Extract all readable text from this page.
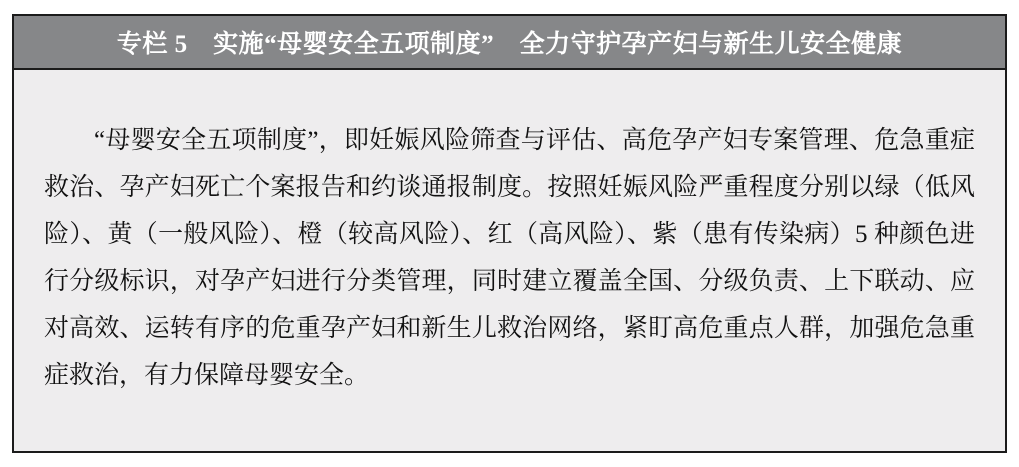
专栏 5　实施“母婴安全五项制度”　全力守护孕产妇与新生儿安全健康

“母婴安全五项制度”，即妊娠风险筛查与评估、高危孕产妇专案管理、危急重症救治、孕产妇死亡个案报告和约谈通报制度。按照妊娠风险严重程度分别以绿（低风险）、黄（一般风险）、橙（较高风险）、红（高风险）、紫（患有传染病）5 种颜色进行分级标识，对孕产妇进行分类管理，同时建立覆盖全国、分级负责、上下联动、应对高效、运转有序的危重孕产妇和新生儿救治网络，紧盯高危重点人群，加强危急重症救治，有力保障母婴安全。
